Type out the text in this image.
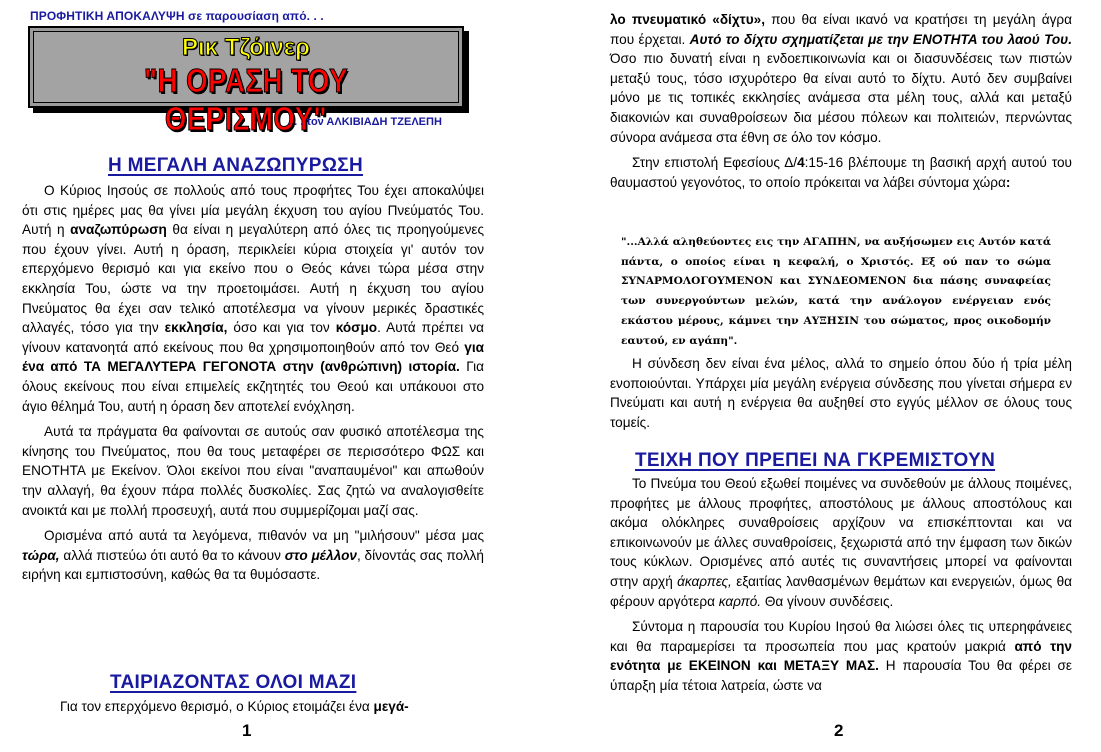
ΠΡΟΦΗΤΙΚΗ ΑΠΟΚΑΛΥΨΗ σε παρουσίαση από. . .
Ρικ Τζόινερ
"Η ΟΡΑΣΗ ΤΟΥ ΘΕΡΙΣΜΟΥ"
. . . τον ΑΛΚΙΒΙΑΔΗ ΤΖΕΛΕΠΗ
Η ΜΕΓΑΛΗ ΑΝΑΖΩΠΥΡΩΣΗ

Ο Κύριος Ιησούς σε πολλούς από τους προφήτες Του έχει αποκαλύψει ότι στις ημέρες μας θα γίνει μία μεγάλη έκχυση του αγίου Πνεύματός Του. Αυτή η αναζωπύρωση θα είναι η μεγαλύτερη από όλες τις προηγούμενες που έχουν γίνει. Αυτή η όραση, περικλείει κύρια στοιχεία γι' αυτόν τον επερχόμενο θερισμό και για εκείνο που ο Θεός κάνει τώρα μέσα στην εκκλησία Του, ώστε να την προετοιμάσει. Αυτή η έκχυση του αγίου Πνεύματος θα έχει σαν τελικό αποτέλεσμα να γίνουν μερικές δραστικές αλλαγές, τόσο για την εκκλησία, όσο και για τον κόσμο. Αυτά πρέπει να γίνουν κατανοητά από εκείνους που θα χρησιμοποιηθούν από τον Θεό για ένα από ΤΑ ΜΕΓΑΛΥΤΕΡΑ ΓΕΓΟΝΟΤΑ στην (ανθρώπινη) ιστορία. Για όλους εκείνους που είναι επιμελείς εκζητητές του Θεού και υπάκουοι στο άγιο θέλημά Του, αυτή η όραση δεν αποτελεί ενόχληση.

Αυτά τα πράγματα θα φαίνονται σε αυτούς σαν φυσικό αποτέλεσμα της κίνησης του Πνεύματος, που θα τους μεταφέρει σε περισσότερο ΦΩΣ και ΕΝΟΤΗΤΑ με Εκείνον. Όλοι εκείνοι που είναι "αναπαυμένοι" και απωθούν την αλλαγή, θα έχουν πάρα πολλές δυσκολίες. Σας ζητώ να αναλογισθείτε ανοικτά και με πολλή προσευχή, αυτά που συμμερίζομαι μαζί σας.

Ορισμένα από αυτά τα λεγόμενα, πιθανόν να μη "μιλήσουν" μέσα μας τώρα, αλλά πιστεύω ότι αυτό θα το κάνουν στο μέλλον, δίνοντάς σας πολλή ειρήνη και εμπιστοσύνη, καθώς θα τα θυμόσαστε.

ΤΑΙΡΙΑΖΟΝΤΑΣ ΟΛΟΙ ΜΑΖΙ

Για τον επερχόμενο θερισμό, ο Κύριος ετοιμάζει ένα μεγά-

1

λο πνευματικό «δίχτυ», που θα είναι ικανό να κρατήσει τη μεγάλη άγρα που έρχεται. Αυτό το δίχτυ σχηματίζεται με την ΕΝΟΤΗΤΑ του λαού Του. Όσο πιο δυνατή είναι η ενδοεπικοινωνία και οι διασυνδέσεις των πιστών μεταξύ τους, τόσο ισχυρότερο θα είναι αυτό το δίχτυ. Αυτό δεν συμβαίνει μόνο με τις τοπικές εκκλησίες ανάμεσα στα μέλη τους, αλλά και μεταξύ διακονιών και συναθροίσεων δια μέσου πόλεων και πολιτειών, περνώντας σύνορα ανάμεσα στα έθνη σε όλο τον κόσμο.

Στην επιστολή Εφεσίους Δ/4:15-16 βλέπουμε τη βασική αρχή αυτού του θαυμαστού γεγονότος, το οποίο πρόκειται να λάβει σύντομα χώρα:

"...Αλλά αληθεύοντες εις την ΑΓΑΠΗΝ, να αυξήσωμεν εις Αυτόν κατά πάντα, ο οποίος είναι η κεφαλή, ο Χριστός. Εξ ού παν το σώμα ΣΥΝΑΡΜΟΛΟΓΟΥΜΕΝΟΝ και ΣΥΝΔΕΟΜΕΝΟΝ δια πάσης συναφείας των συνεργούντων μελών, κατά την ανάλογον ενέργειαν ενός εκάστου μέρους, κάμνει την ΑΥΞΗΣΙΝ του σώματος, προς οικοδομήν εαυτού, εν αγάπη".

Η σύνδεση δεν είναι ένα μέλος, αλλά το σημείο όπου δύο ή τρία μέλη ενοποιούνται. Υπάρχει μία μεγάλη ενέργεια σύνδεσης που γίνεται σήμερα εν Πνεύματι και αυτή η ενέργεια θα αυξηθεί στο εγγύς μέλλον σε όλους τους τομείς.

ΤΕΙΧΗ ΠΟΥ ΠΡΕΠΕΙ ΝΑ ΓΚΡΕΜΙΣΤΟΥΝ

Το Πνεύμα του Θεού εξωθεί ποιμένες να συνδεθούν με άλλους ποιμένες, προφήτες με άλλους προφήτες, αποστόλους με άλλους αποστόλους και ακόμα ολόκληρες συναθροίσεις αρχίζουν να επισκέπτονται και να επικοινωνούν με άλλες συναθροίσεις, ξεχωριστά από την έμφαση των δικών τους κύκλων. Ορισμένες από αυτές τις συναντήσεις μπορεί να φαίνονται στην αρχή άκαρπες, εξαιτίας λανθασμένων θεμάτων και ενεργειών, όμως θα φέρουν αργότερα καρπό. Θα γίνουν συνδέσεις.

Σύντομα η παρουσία του Κυρίου Ιησού θα λιώσει όλες τις υπερηφάνειες και θα παραμερίσει τα προσωπεία που μας κρατούν μακριά από την ενότητα με ΕΚΕΙΝΟΝ και ΜΕΤΑΞΥ ΜΑΣ. Η παρουσία Του θα φέρει σε ύπαρξη μία τέτοια λατρεία, ώστε να

2
